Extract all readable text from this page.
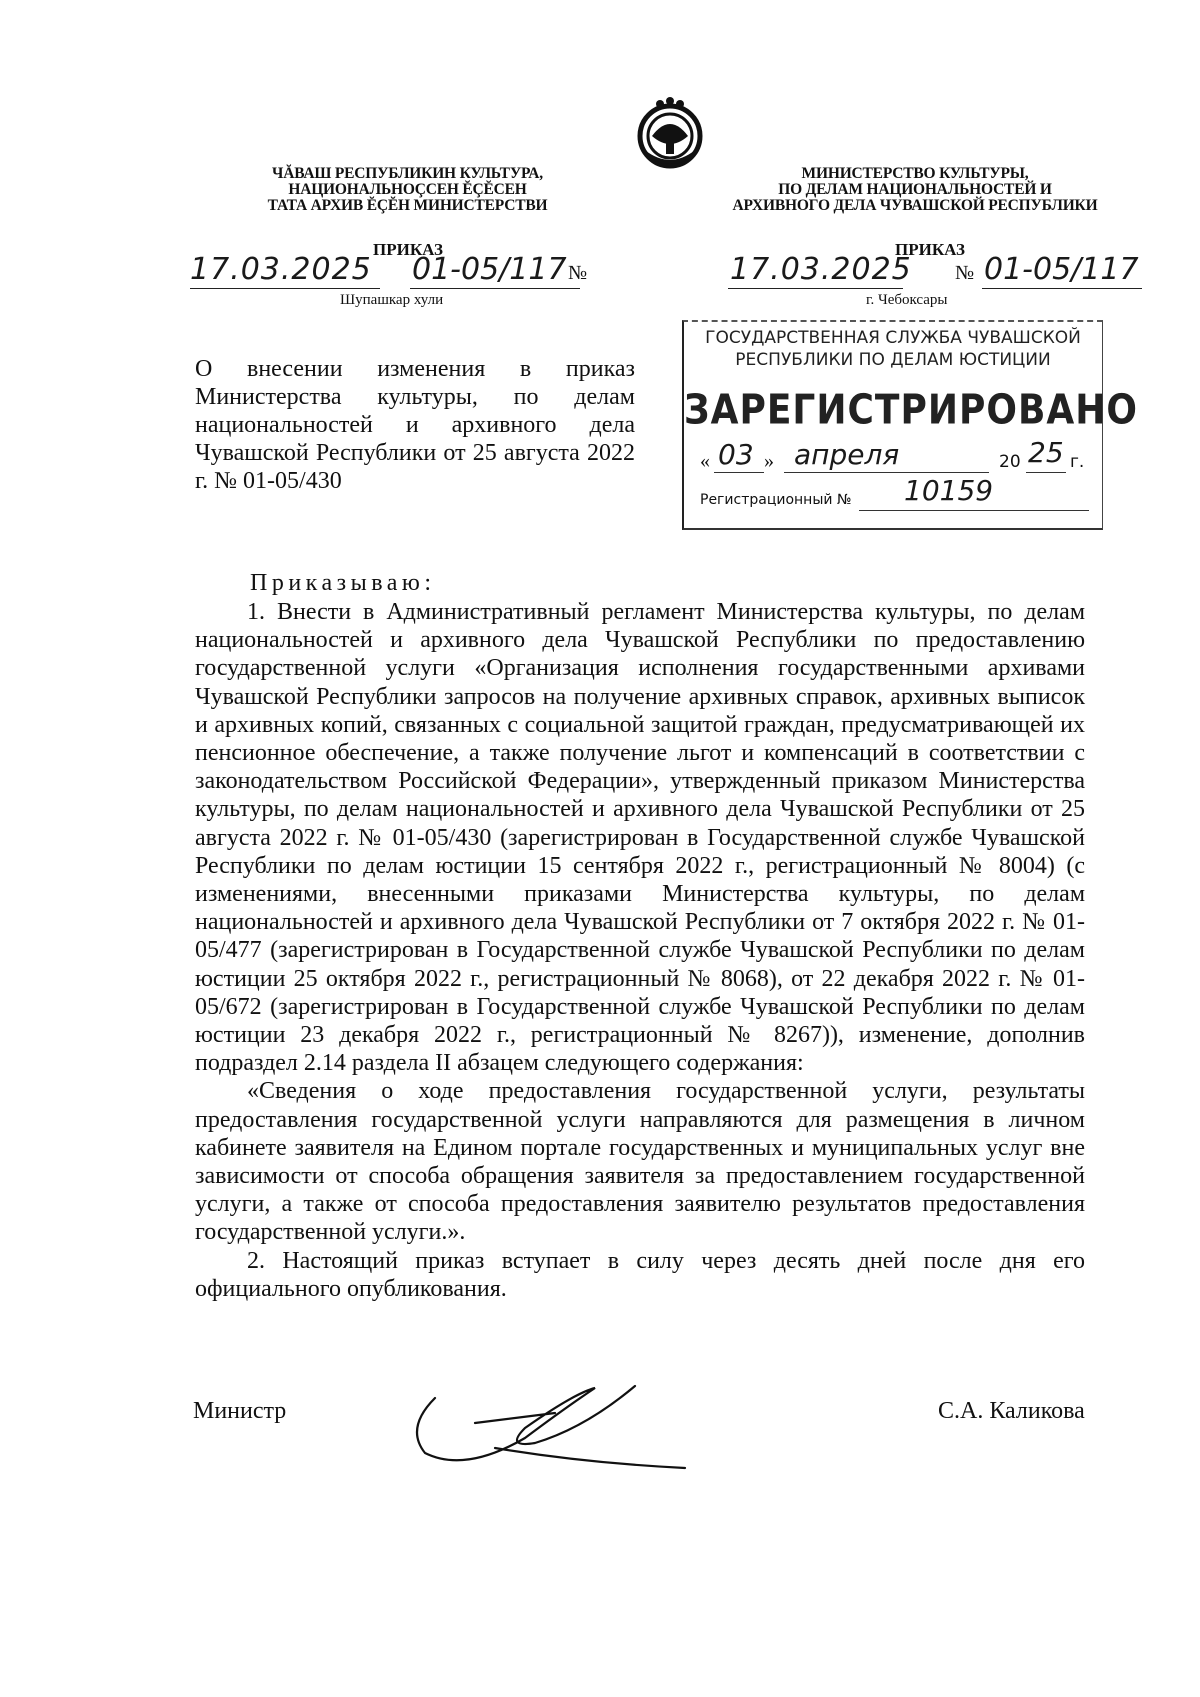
ЧĂВАШ РЕСПУБЛИКИН КУЛЬТУРА,
НАЦИОНАЛЬНОÇСЕН ĔÇĔСЕН
ТАТА АРХИВ ĔÇĔН МИНИСТЕРСТВИ
МИНИСТЕРСТВО КУЛЬТУРЫ,
ПО ДЕЛАМ НАЦИОНАЛЬНОСТЕЙ И
АРХИВНОГО ДЕЛА ЧУВАШСКОЙ РЕСПУБЛИКИ
ПРИКАЗ
17.03.2025 01-05/117 №
Шупашкар хули
ПРИКАЗ
17.03.2025 № 01-05/117
г. Чебоксары
ГОСУДАРСТВЕННАЯ СЛУЖБА ЧУВАШСКОЙ
РЕСПУБЛИКИ ПО ДЕЛАМ ЮСТИЦИИ
ЗАРЕГИСТРИРОВАНО
« 03 » апреля	20 25 г.
Регистрационный № 10159
О внесении изменения в приказ Министерства культуры, по делам национальностей и архивного дела Чувашской Республики от 25 августа 2022 г. № 01-05/430
Приказываю:

1. Внести в Административный регламент Министерства культуры, по делам национальностей и архивного дела Чувашской Республики по предоставлению государственной услуги «Организация исполнения государственными архивами Чувашской Республики запросов на получение архивных справок, архивных выписок и архивных копий, связанных с социальной защитой граждан, предусматривающей их пенсионное обеспечение, а также получение льгот и компенсаций в соответствии с законодательством Российской Федерации», утвержденный приказом Министерства культуры, по делам национальностей и архивного дела Чувашской Республики от 25 августа 2022 г. № 01-05/430 (зарегистрирован в Государственной службе Чувашской Республики по делам юстиции 15 сентября 2022 г., регистрационный № 8004) (с изменениями, внесенными приказами Министерства культуры, по делам национальностей и архивного дела Чувашской Республики от 7 октября 2022 г. № 01-05/477 (зарегистрирован в Государственной службе Чувашской Республики по делам юстиции 25 октября 2022 г., регистрационный № 8068), от 22 декабря 2022 г. № 01-05/672 (зарегистрирован в Государственной службе Чувашской Республики по делам юстиции 23 декабря 2022 г., регистрационный № 8267)), изменение, дополнив подраздел 2.14 раздела II абзацем следующего содержания:

«Сведения о ходе предоставления государственной услуги, результаты предоставления государственной услуги направляются для размещения в личном кабинете заявителя на Едином портале государственных и муниципальных услуг вне зависимости от способа обращения заявителя за предоставлением государственной услуги, а также от способа предоставления заявителю результатов предоставления государственной услуги.».

2. Настоящий приказ вступает в силу через десять дней после дня его официального опубликования.

Министр	С.А. Каликова
